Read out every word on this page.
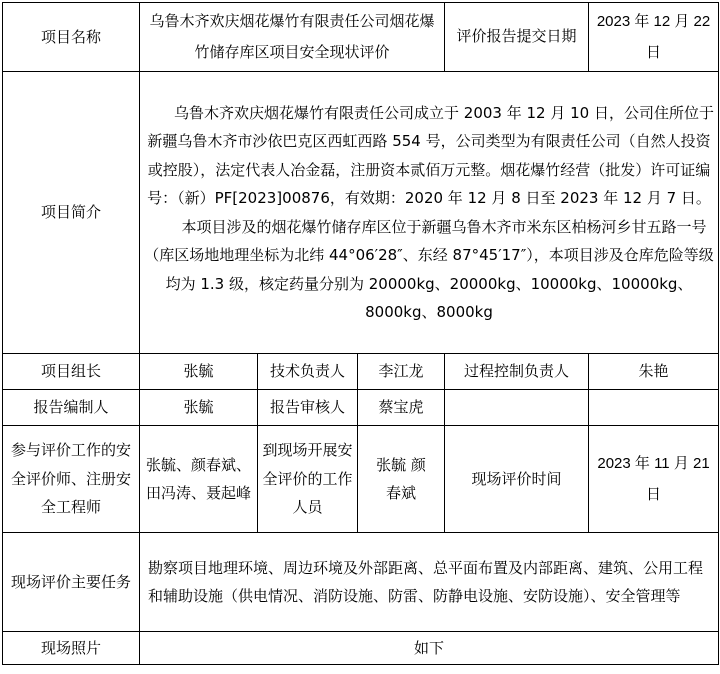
项目名称	乌鲁木齐欢庆烟花爆竹有限责任公司烟花爆竹储存库区项目安全现状评价			评价报告提交日期	2023 年 12 月 22 日
项目简介	乌鲁木齐欢庆烟花爆竹有限责任公司成立于 2003 年 12 月 10 日，公司住所位于新疆乌鲁木齐市沙依巴克区西虹西路 554 号，公司类型为有限责任公司（自然人投资或控股），法定代表人冶金磊，注册资本贰佰万元整。烟花爆竹经营（批发）许可证编号：（新）PF[2023]00876，有效期：2020 年 12 月 8 日至 2023 年 12 月 7 日。

本项目涉及的烟花爆竹储存库区位于新疆乌鲁木齐市米东区柏杨河乡甘五路一号（库区场地地理坐标为北纬 44°06′28″、东经 87°45′17″），本项目涉及仓库危险等级均为 1.3 级，核定药量分别为 20000kg、20000kg、10000kg、10000kg、8000kg、8000kg				

项目组长	张毓	技术负责人	李江龙	过程控制负责人	朱艳
报告编制人	张毓	报告审核人	蔡宝虎		
参与评价工作的安全评价师、注册安全工程师	张毓、颜春斌、田冯涛、聂起峰	到现场开展安全评价的工作人员	张毓 颜春斌	现场评价时间	2023 年 11 月 21 日
现场评价主要任务	勘察项目地理环境、周边环境及外部距离、总平面布置及内部距离、建筑、公用工程和辅助设施（供电情况、消防设施、防雷、防静电设施、安防设施）、安全管理等				
现场照片	如下				
